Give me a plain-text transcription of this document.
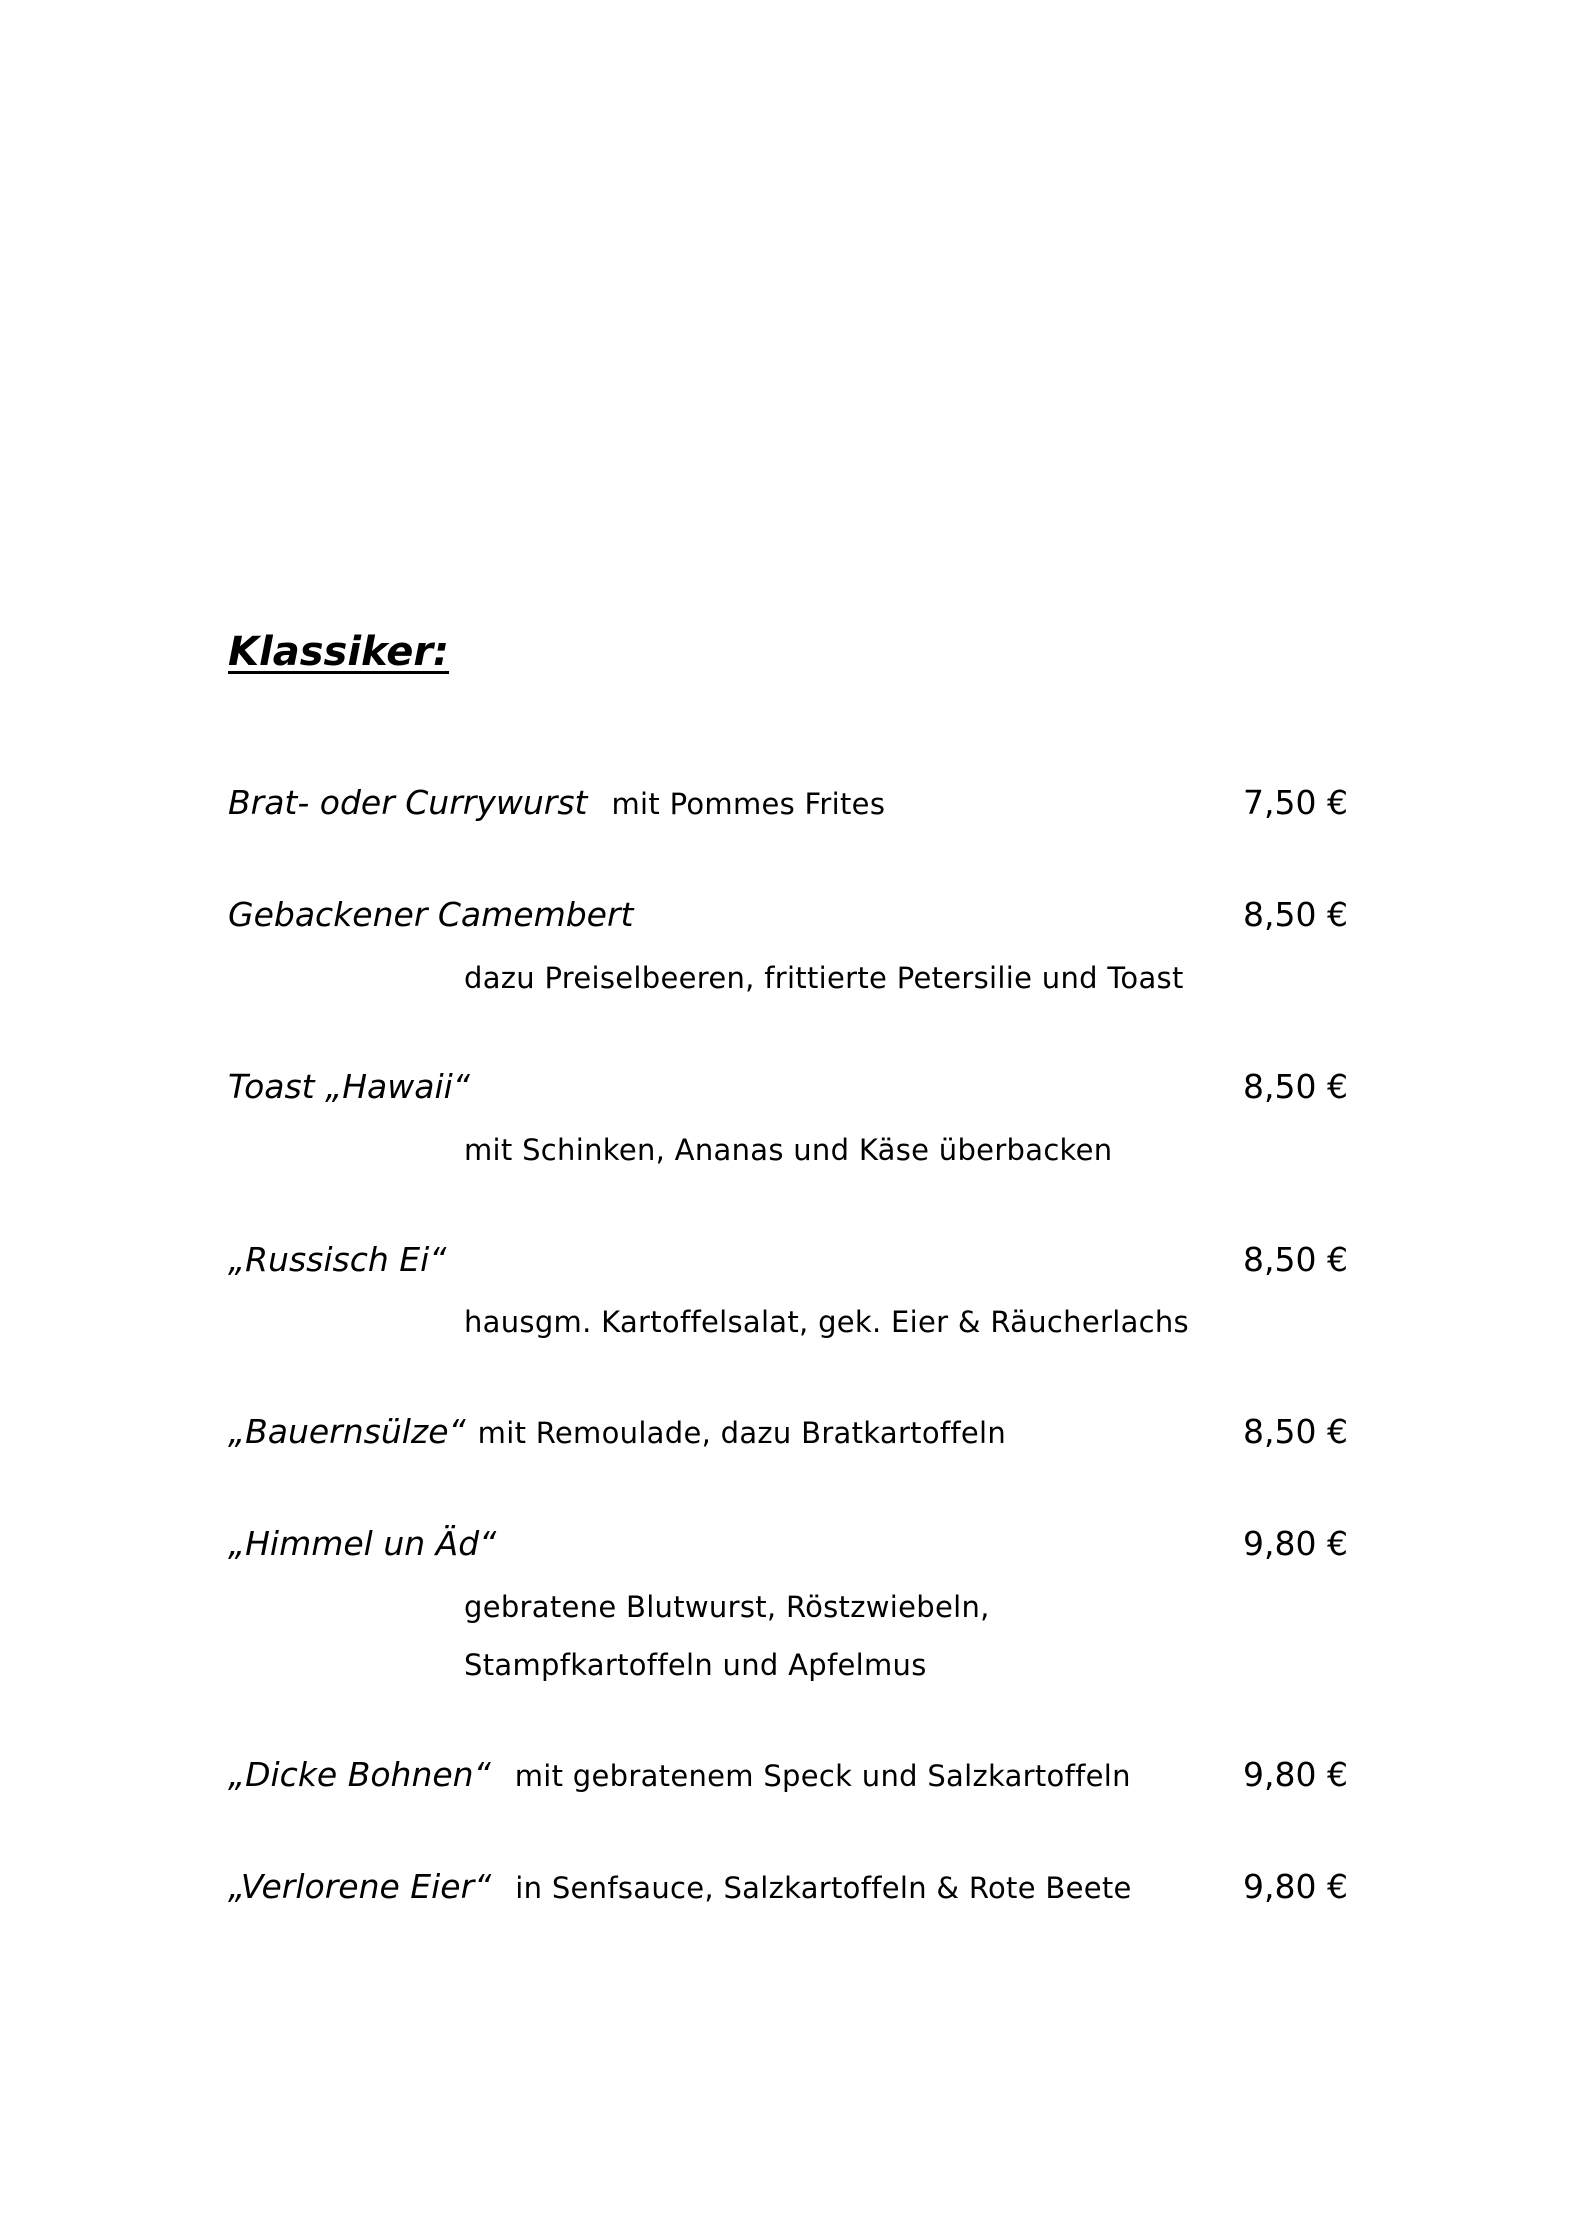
Klassiker:
Brat- oder Currywurst mit Pommes Frites	7,50 €
Gebackener Camembert	8,50 €
dazu Preiselbeeren, frittierte Petersilie und Toast
Toast „Hawaii“	8,50 €
mit Schinken, Ananas und Käse überbacken
„Russisch Ei“	8,50 €
hausgm. Kartoffelsalat, gek. Eier & Räucherlachs
„Bauernsülze“ mit Remoulade, dazu Bratkartoffeln	8,50 €
„Himmel un Äd“	9,80 €
gebratene Blutwurst, Röstzwiebeln,
Stampfkartoffeln und Apfelmus
„Dicke Bohnen“ mit gebratenem Speck und Salzkartoffeln	9,80 €
„Verlorene Eier“ in Senfsauce, Salzkartoffeln & Rote Beete	9,80 €
